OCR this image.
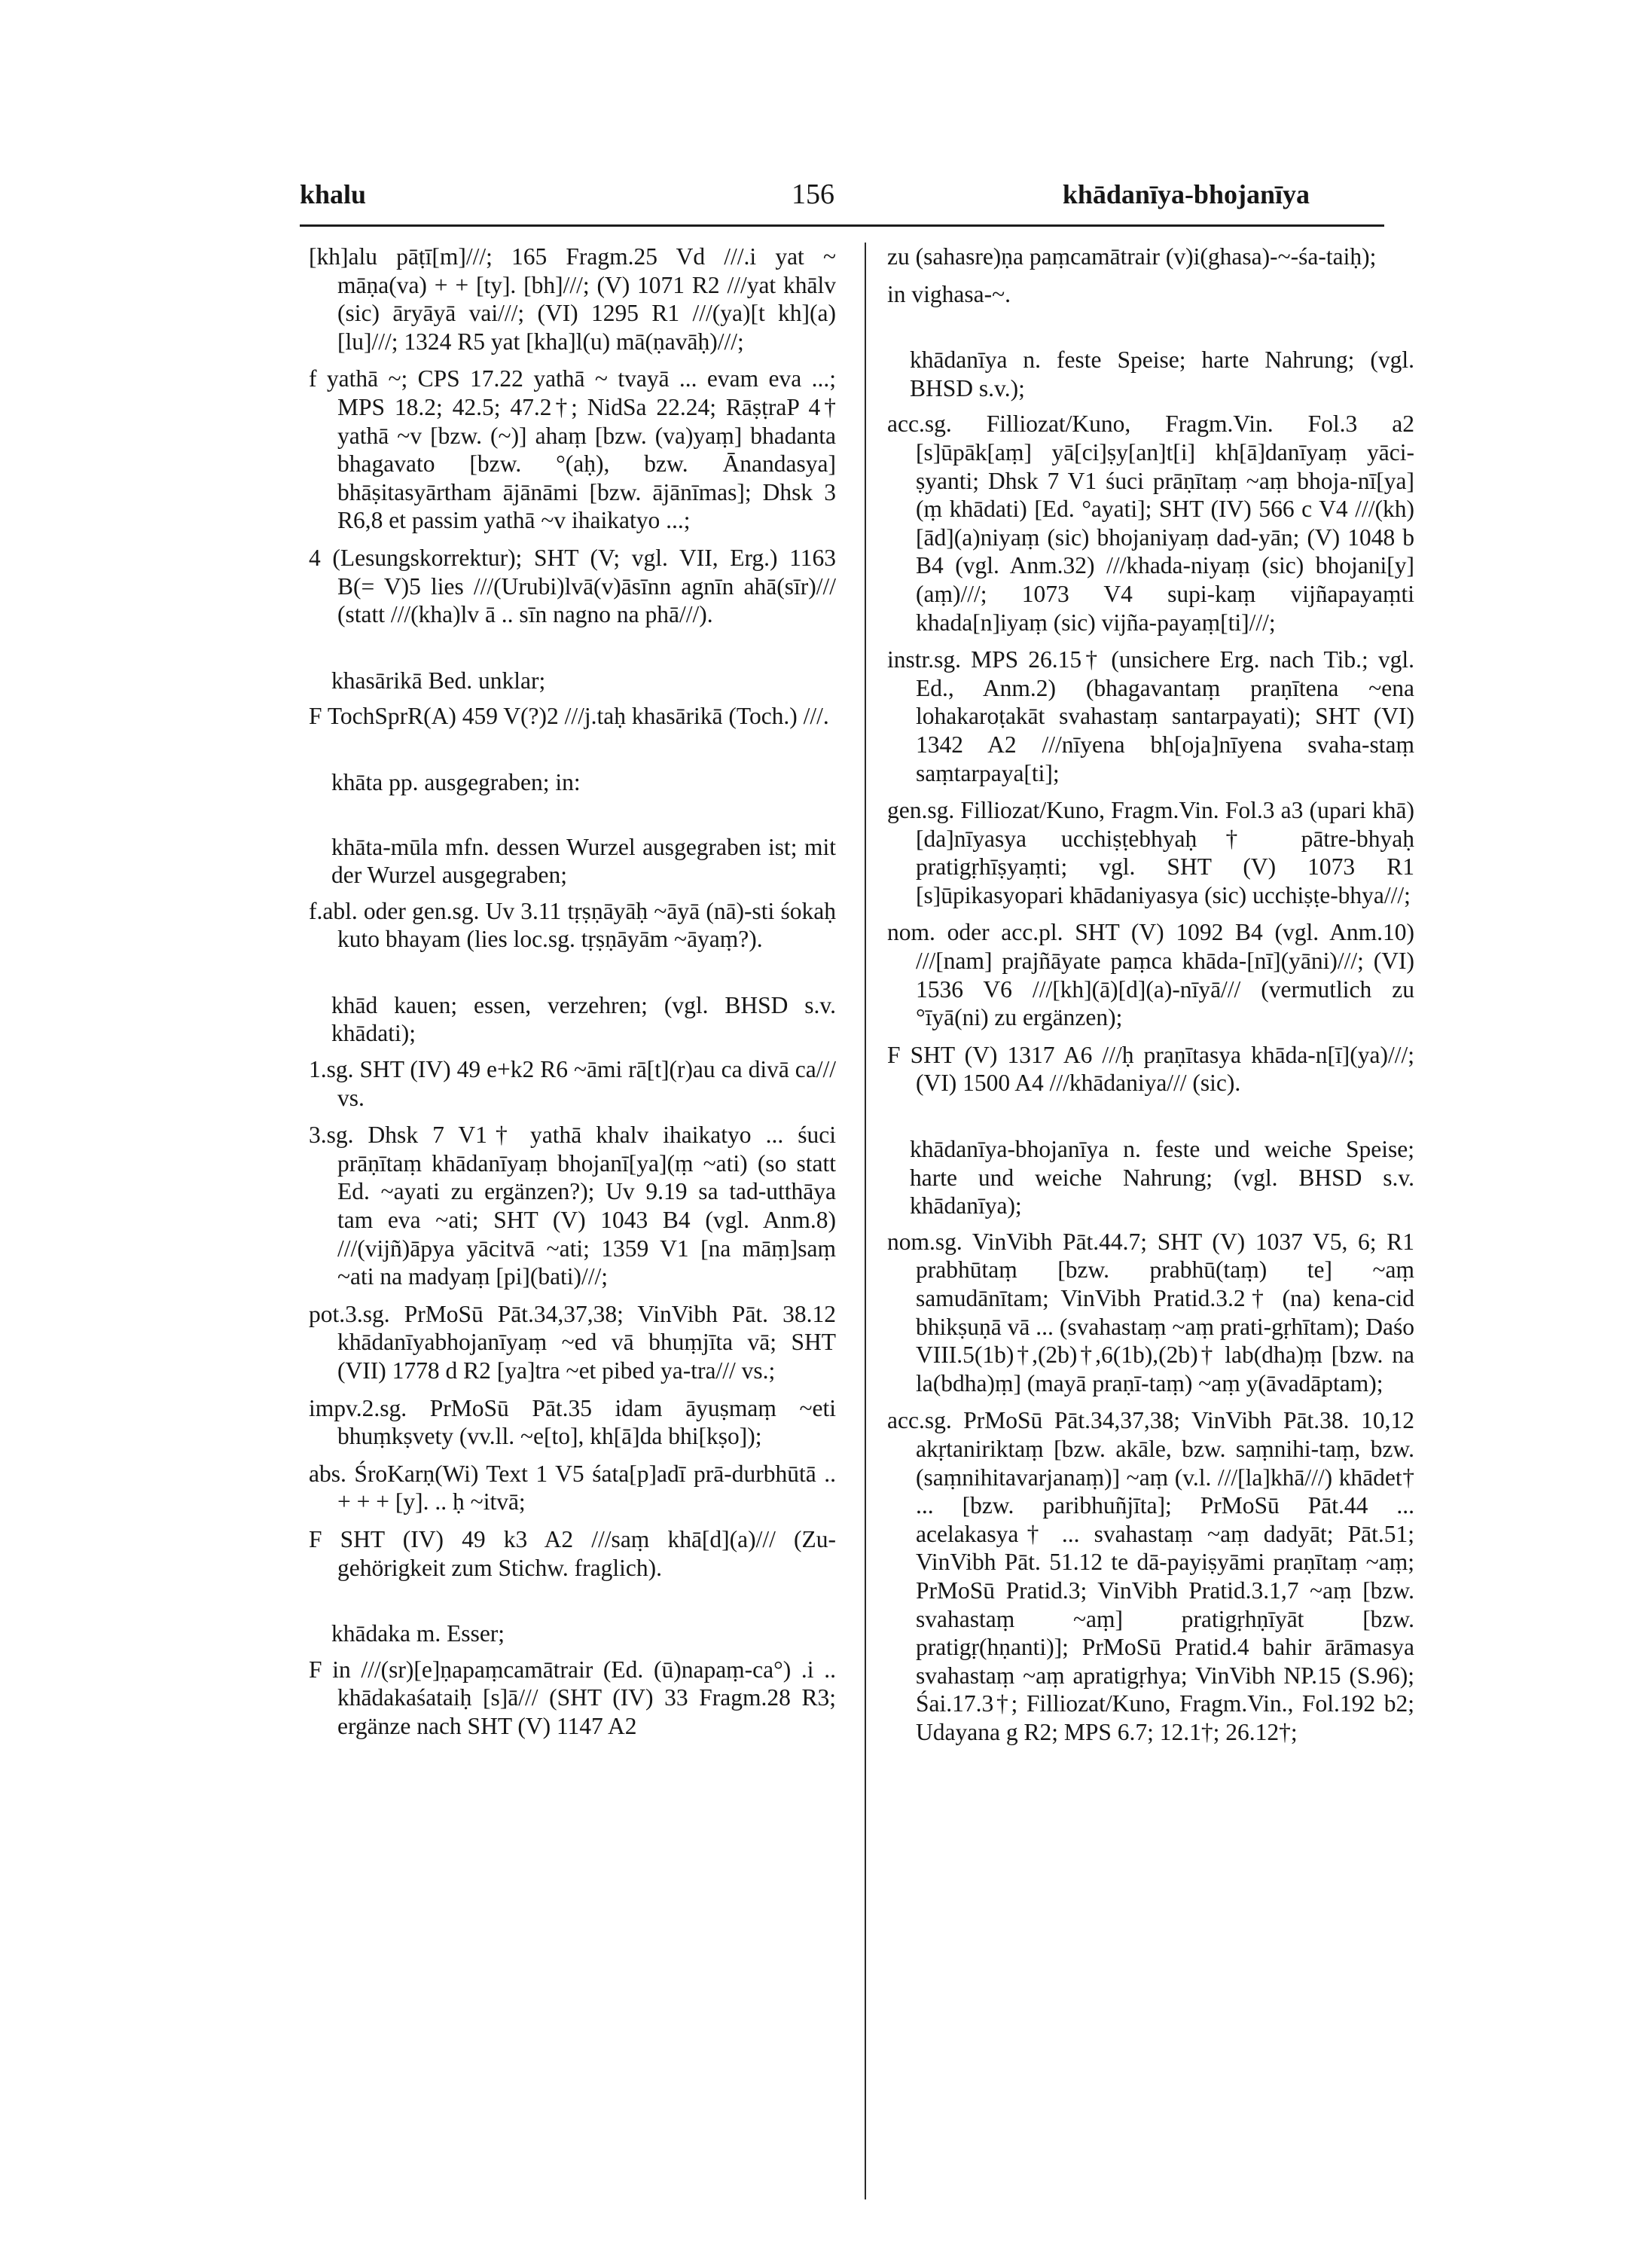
khalu	156	khādanīya-bhojanīya

[kh]alu pāṭī[m]///; 165 Fragm.25 Vd ///.i yat ~ māṇa(va) + + [ty]. [bh]///; (V) 1071 R2 ///yat khālv (sic) āryāyā vai///; (VI) 1295 R1 ///(ya)[t kh](a)[lu]///; 1324 R5 yat [kha]l(u) mā(ṇavāḥ)///;

f yathā ~; CPS 17.22 yathā ~ tvayā ... evam eva ...; MPS 18.2; 42.5; 47.2†; NidSa 22.24; RāṣṭraP 4† yathā ~v [bzw. (~)] ahaṃ [bzw. (va)yaṃ] bhadanta bhagavato [bzw. °(aḥ), bzw. Ānandasya] bhāṣitasyārtham ājānāmi [bzw. ājānīmas]; Dhsk 3 R6,8 et passim yathā ~v ihaikatyo ...;

4 (Lesungskorrektur); SHT (V; vgl. VII, Erg.) 1163 B(= V)5 lies ///(Urubi)lvā(v)āsīnn agnīn ahā(sīr)/// (statt ///(kha)lv ā .. sīn nagno na phā///).

khasārikā Bed. unklar;

F TochSprR(A) 459 V(?)2 ///j.taḥ khasārikā (Toch.) ///.

khāta pp. ausgegraben; in:

khāta-mūla mfn. dessen Wurzel ausgegraben ist; mit der Wurzel ausgegraben;

f.abl. oder gen.sg. Uv 3.11 tṛṣṇāyāḥ ~āyā (nā)-sti śokaḥ kuto bhayam (lies loc.sg. tṛṣṇāyām ~āyaṃ?).

khād kauen; essen, verzehren; (vgl. BHSD s.v. khādati);

1.sg. SHT (IV) 49 e+k2 R6 ~āmi rā[t](r)au ca divā ca/// vs.

3.sg. Dhsk 7 V1† yathā khalv ihaikatyo ... śuci prāṇītaṃ khādanīyaṃ bhojanī[ya](ṃ ~ati) (so statt Ed. ~ayati zu ergänzen?); Uv 9.19 sa tad-utthāya tam eva ~ati; SHT (V) 1043 B4 (vgl. Anm.8) ///(vijñ)āpya yācitvā ~ati; 1359 V1 [na māṃ]saṃ ~ati na madyaṃ [pi](bati)///;

pot.3.sg. PrMoSū Pāt.34,37,38; VinVibh Pāt. 38.12 khādanīyabhojanīyaṃ ~ed vā bhuṃjīta vā; SHT (VII) 1778 d R2 [ya]tra ~et pibed ya-tra/// vs.;

impv.2.sg. PrMoSū Pāt.35 idam āyuṣmaṃ ~eti bhuṃkṣvety (vv.ll. ~e[to], kh[ā]da bhi[kṣo]);

abs. ŚroKarṇ(Wi) Text 1 V5 śata[p]adī prā-durbhūtā .. + + + [y]. .. ḥ ~itvā;

F SHT (IV) 49 k3 A2 ///saṃ khā[d](a)/// (Zu-gehörigkeit zum Stichw. fraglich).

khādaka m. Esser;

F in ///(sr)[e]ṇapaṃcamātrair (Ed. (ū)napaṃ-ca°) .i .. khādakaśataiḥ [s]ā/// (SHT (IV) 33 Fragm.28 R3; ergänze nach SHT (V) 1147 A2

zu (sahasre)ṇa paṃcamātrair (v)i(ghasa)-~-śa-taiḥ);

in vighasa-~.

khādanīya n. feste Speise; harte Nahrung; (vgl. BHSD s.v.);

acc.sg. Filliozat/Kuno, Fragm.Vin. Fol.3 a2 [s]ūpāk[aṃ] yā[ci]ṣy[an]t[i] kh[ā]danīyaṃ yāci-ṣyanti; Dhsk 7 V1 śuci prāṇītaṃ ~aṃ bhoja-nī[ya](ṃ khādati) [Ed. °ayati]; SHT (IV) 566 c V4 ///(kh)[ād](a)niyaṃ (sic) bhojaniyaṃ dad-yān; (V) 1048 b B4 (vgl. Anm.32) ///khada-niyaṃ (sic) bhojani[y](aṃ)///; 1073 V4 supi-kaṃ vijñapayaṃti khada[n]iyaṃ (sic) vijña-payaṃ[ti]///;

instr.sg. MPS 26.15† (unsichere Erg. nach Tib.; vgl. Ed., Anm.2) (bhagavantaṃ praṇītena ~ena lohakaroṭakāt svahastaṃ santarpayati); SHT (VI) 1342 A2 ///nīyena bh[oja]nīyena svaha-staṃ saṃtarpaya[ti];

gen.sg. Filliozat/Kuno, Fragm.Vin. Fol.3 a3 (upari khā)[da]nīyasya ucchiṣṭebhyaḥ† pātre-bhyaḥ pratigṛhīṣyaṃti; vgl. SHT (V) 1073 R1 [s]ūpikasyopari khādaniyasya (sic) ucchiṣṭe-bhya///;

nom. oder acc.pl. SHT (V) 1092 B4 (vgl. Anm.10) ///[nam] prajñāyate paṃca khāda-[nī](yāni)///; (VI) 1536 V6 ///[kh](ā)[d](a)-nīyā/// (vermutlich zu °īyā(ni) zu ergänzen);

F SHT (V) 1317 A6 ///ḥ praṇītasya khāda-n[ī](ya)///; (VI) 1500 A4 ///khādaniya/// (sic).

khādanīya-bhojanīya n. feste und weiche Speise; harte und weiche Nahrung; (vgl. BHSD s.v. khādanīya);

nom.sg. VinVibh Pāt.44.7; SHT (V) 1037 V5, 6; R1 prabhūtaṃ [bzw. prabhū(taṃ) te] ~aṃ samudānītam; VinVibh Pratid.3.2† (na) kena-cid bhikṣuṇā vā ... (svahastaṃ ~aṃ prati-gṛhītam); Daśo VIII.5(1b)†,(2b)†,6(1b),(2b)† lab(dha)ṃ [bzw. na la(bdha)ṃ] (mayā praṇī-taṃ) ~aṃ y(āvadāptam);

acc.sg. PrMoSū Pāt.34,37,38; VinVibh Pāt.38. 10,12 akṛtaniriktaṃ [bzw. akāle, bzw. saṃnihi-taṃ, bzw. (saṃnihitavarjanaṃ)] ~aṃ (v.l. ///[la]khā///) khādet† ... [bzw. paribhuñjīta]; PrMoSū Pāt.44 ... acelakasya† ... svahastaṃ ~aṃ dadyāt; Pāt.51; VinVibh Pāt. 51.12 te dā-payiṣyāmi praṇītaṃ ~aṃ; PrMoSū Pratid.3; VinVibh Pratid.3.1,7 ~aṃ [bzw. svahastaṃ ~aṃ] pratigṛhṇīyāt [bzw. pratigṛ(hṇanti)]; PrMoSū Pratid.4 bahir ārāmasya svahastaṃ ~aṃ apratigṛhya; VinVibh NP.15 (S.96); Śai.17.3†; Filliozat/Kuno, Fragm.Vin., Fol.192 b2; Udayana g R2; MPS 6.7; 12.1†; 26.12†;
